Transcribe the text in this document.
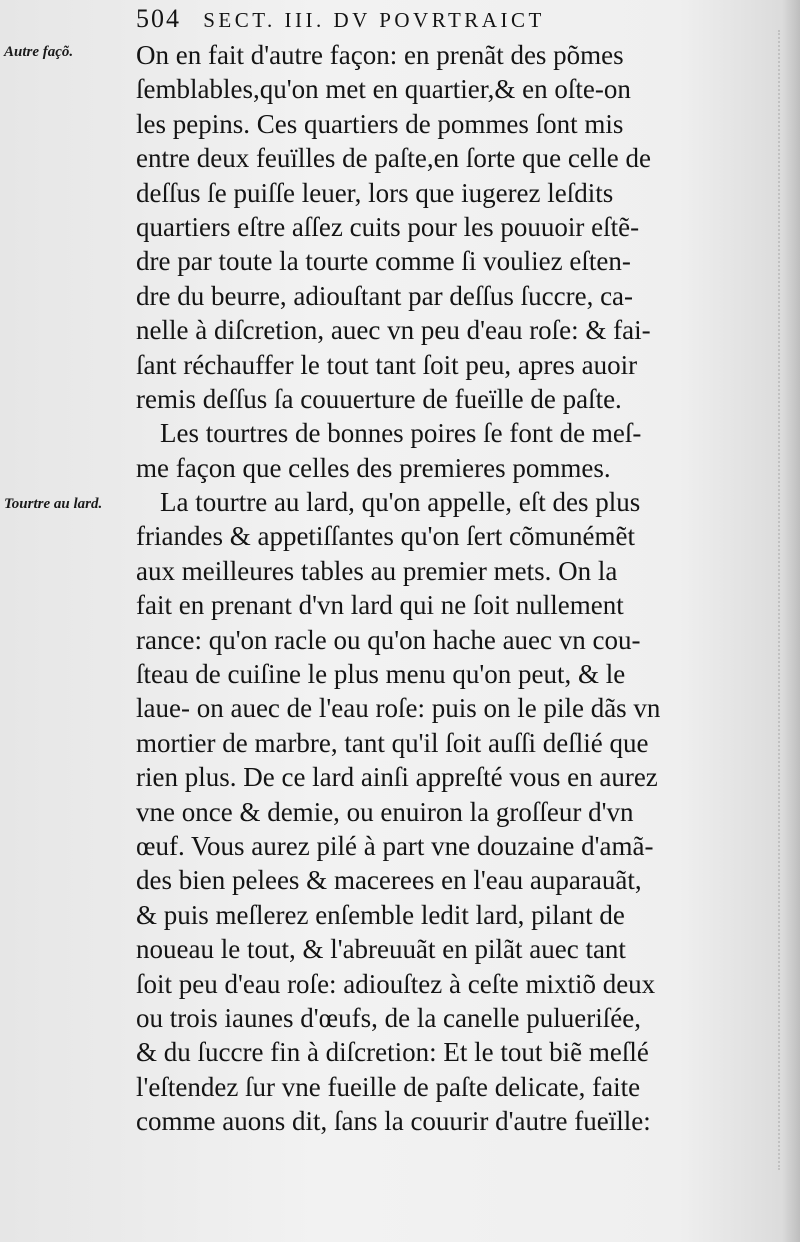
504 SECT. III. DV POVRTRAICT
Autre façõ.
Tourtre au lard.
On en fait d'autre façon: en prenãt des põmes
ſemblables,qu'on met en quartier,& en oſte-on
les pepins. Ces quartiers de pommes ſont mis
entre deux feuïlles de paſte,en ſorte que celle de
deſſus ſe puiſſe leuer, lors que iugerez leſdits
quartiers eſtre aſſez cuits pour les pouuoir eſtẽ-
dre par toute la tourte comme ſi vouliez eſten-
dre du beurre, adiouſtant par deſſus ſuccre, ca-
nelle à diſcretion, auec vn peu d'eau roſe: & fai-
ſant réchauffer le tout tant ſoit peu, apres auoir
remis deſſus ſa couuerture de fueïlle de paſte.
Les tourtres de bonnes poires ſe font de meſ-
me façon que celles des premieres pommes.
La tourtre au lard, qu'on appelle, eſt des plus
friandes & appetiſſantes qu'on ſert cõmunémẽt
aux meilleures tables au premier mets. On la
fait en prenant d'vn lard qui ne ſoit nullement
rance: qu'on racle ou qu'on hache auec vn cou-
ſteau de cuiſine le plus menu qu'on peut, & le
laue- on auec de l'eau roſe: puis on le pile dãs vn
mortier de marbre, tant qu'il ſoit auſſi deſlié que
rien plus. De ce lard ainſi appreſté vous en aurez
vne once & demie, ou enuiron la groſſeur d'vn
œuf. Vous aurez pilé à part vne douzaine d'amã-
des bien pelees & macerees en l'eau auparauãt,
& puis meſlerez enſemble ledit lard, pilant de
noueau le tout, & l'abreuuãt en pilãt auec tant
ſoit peu d'eau roſe: adiouſtez à ceſte mixtiõ deux
ou trois iaunes d'œufs, de la canelle pulueriſée,
& du ſuccre fin à diſcretion: Et le tout biẽ meſlé
l'eſtendez ſur vne fueille de paſte delicate, faite
comme auons dit, ſans la couurir d'autre fueïlle:
